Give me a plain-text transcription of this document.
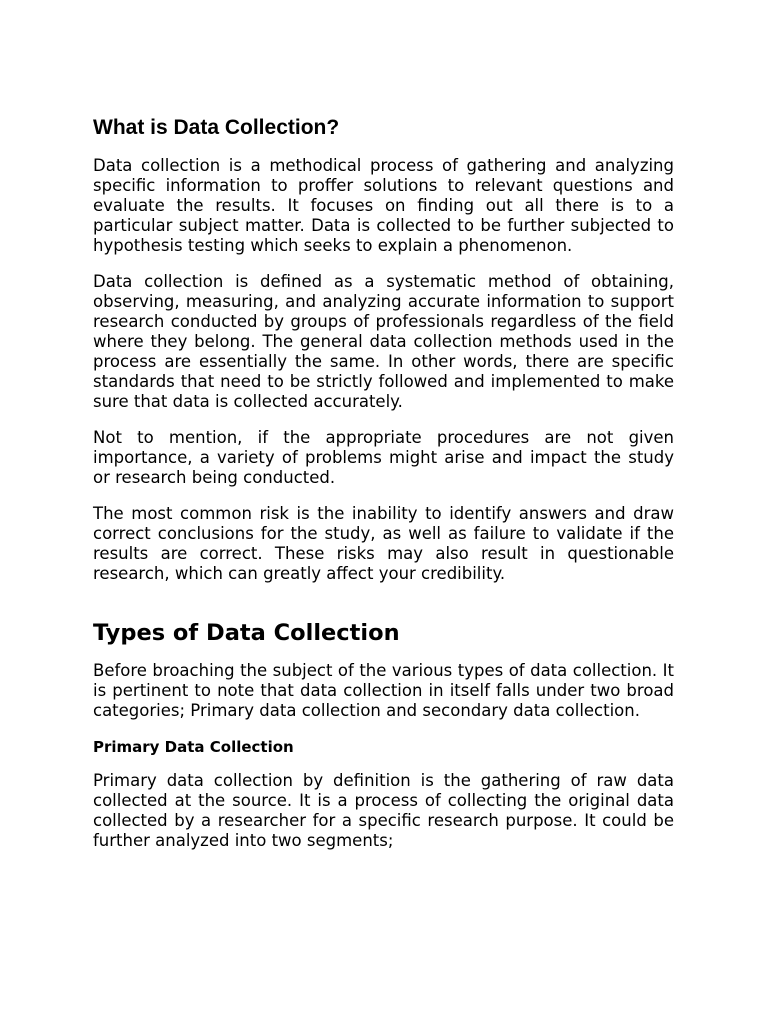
What is Data Collection?

Data collection is a methodical process of gathering and analyzing specific information to proffer solutions to relevant questions and evaluate the results. It focuses on finding out all there is to a particular subject matter. Data is collected to be further subjected to hypothesis testing which seeks to explain a phenomenon.

Data collection is defined as a systematic method of obtaining, observing, measuring, and analyzing accurate information to support research conducted by groups of professionals regardless of the field where they belong. The general data collection methods used in the process are essentially the same. In other words, there are specific standards that need to be strictly followed and implemented to make sure that data is collected accurately.

Not to mention, if the appropriate procedures are not given importance, a variety of problems might arise and impact the study or research being conducted.

The most common risk is the inability to identify answers and draw correct conclusions for the study, as well as failure to validate if the results are correct. These risks may also result in questionable research, which can greatly affect your credibility.

Types of Data Collection

Before broaching the subject of the various types of data collection. It is pertinent to note that data collection in itself falls under two broad categories; Primary data collection and secondary data collection.

Primary Data Collection

Primary data collection by definition is the gathering of raw data collected at the source. It is a process of collecting the original data collected by a researcher for a specific research purpose. It could be further analyzed into two segments;
